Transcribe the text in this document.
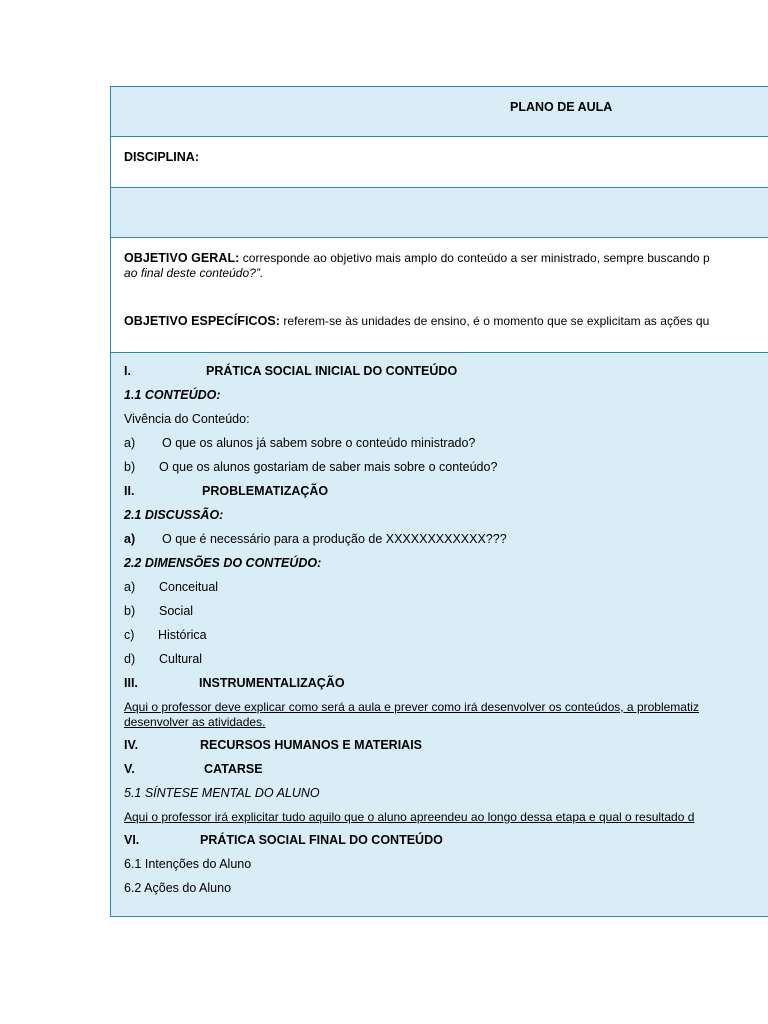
PLANO DE AULA
DISCIPLINA:
OBJETIVO GERAL: corresponde ao objetivo mais amplo do conteúdo a ser ministrado, sempre buscando p
ao final deste conteúdo?”.
OBJETIVO ESPECÍFICOS: referem-se às unidades de ensino, é o momento que se explicitam as ações qu
I.	PRÁTICA SOCIAL INICIAL DO CONTEÚDO
1.1 CONTEÚDO:
Vivência do Conteúdo:
a) O que os alunos já sabem sobre o conteúdo ministrado?
b) O que os alunos gostariam de saber mais sobre o conteúdo?
II.	PROBLEMATIZAÇÃO
2.1 DISCUSSÃO:
a) O que é necessário para a produção de XXXXXXXXXXXX???
2.2 DIMENSÕES DO CONTEÚDO:
a) Conceitual
b) Social
c) Histórica
d) Cultural
III.	INSTRUMENTALIZAÇÃO
Aqui o professor deve explicar como será a aula e prever como irá desenvolver os conteúdos, a problematiz
desenvolver as atividades.
IV.	RECURSOS HUMANOS E MATERIAIS
V.	CATARSE
5.1 SÍNTESE MENTAL DO ALUNO
Aqui o professor irá explicitar tudo aquilo que o aluno apreendeu ao longo dessa etapa e qual o resultado d
VI.	PRÁTICA SOCIAL FINAL DO CONTEÚDO
6.1 Intenções do Aluno
6.2 Ações do Aluno
